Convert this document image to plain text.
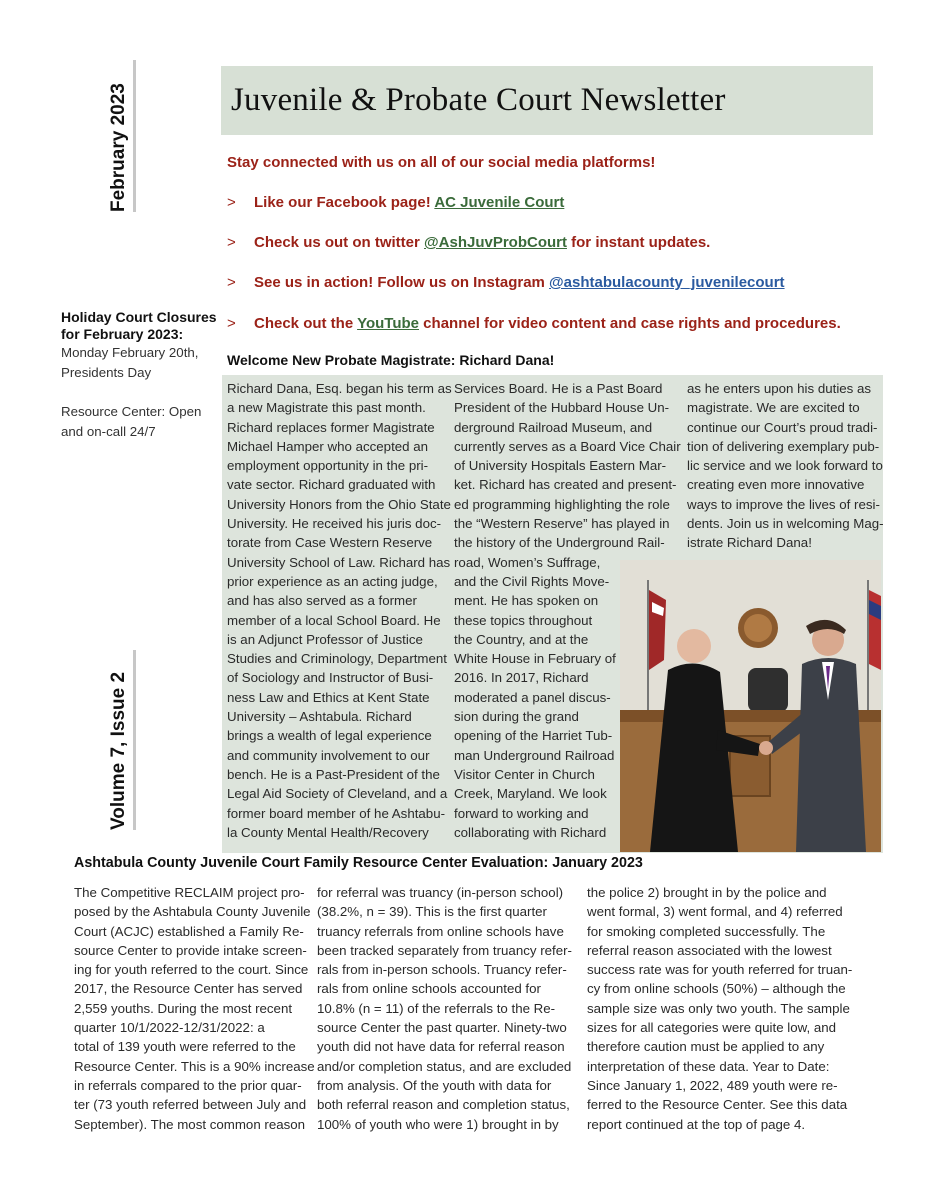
February 2023
Volume 7, Issue 2
Juvenile & Probate Court Newsletter
Stay connected with us on all of our social media platforms!
> Like our Facebook page! AC Juvenile Court
> Check us out on twitter @AshJuvProbCourt for instant updates.
> See us in action! Follow us on Instagram @ashtabulacounty_juvenilecourt
> Check out the YouTube channel for video content and case rights and procedures.
Holiday Court Closures
for February 2023:
Monday February 20th,
Presidents Day
Resource Center: Open
and on-call 24/7
Welcome New Probate Magistrate: Richard Dana!
Richard Dana, Esq. began his term as
a new Magistrate this past month.
Richard replaces former Magistrate
Michael Hamper who accepted an
employment opportunity in the pri-
vate sector. Richard graduated with
University Honors from the Ohio State
University. He received his juris doc-
torate from Case Western Reserve
University School of Law. Richard has
prior experience as an acting judge,
and has also served as a former
member of a local School Board. He
is an Adjunct Professor of Justice
Studies and Criminology, Department
of Sociology and Instructor of Busi-
ness Law and Ethics at Kent State
University – Ashtabula. Richard
brings a wealth of legal experience
and community involvement to our
bench. He is a Past-President of the
Legal Aid Society of Cleveland, and a
former board member of he Ashtabu-
la County Mental Health/Recovery
Services Board. He is a Past Board
President of the Hubbard House Un-
derground Railroad Museum, and
currently serves as a Board Vice Chair
of University Hospitals Eastern Mar-
ket. Richard has created and present-
ed programming highlighting the role
the “Western Reserve” has played in
the history of the Underground Rail-
road, Women’s Suffrage,
and the Civil Rights Move-
ment. He has spoken on
these topics throughout
the Country, and at the
White House in February of
2016. In 2017, Richard
moderated a panel discus-
sion during the grand
opening of the Harriet Tub-
man Underground Railroad
Visitor Center in Church
Creek, Maryland. We look
forward to working and
collaborating with Richard
as he enters upon his duties as
magistrate. We are excited to
continue our Court’s proud tradi-
tion of delivering exemplary pub-
lic service and we look forward to
creating even more innovative
ways to improve the lives of resi-
dents. Join us in welcoming Mag-
istrate Richard Dana!
Ashtabula County Juvenile Court Family Resource Center Evaluation: January 2023
The Competitive RECLAIM project pro-
posed by the Ashtabula County Juvenile
Court (ACJC) established a Family Re-
source Center to provide intake screen-
ing for youth referred to the court. Since
2017, the Resource Center has served
2,559 youths. During the most recent
quarter 10/1/2022-12/31/2022: a
total of 139 youth were referred to the
Resource Center. This is a 90% increase
in referrals compared to the prior quar-
ter (73 youth referred between July and
September). The most common reason
for referral was truancy (in-person school)
(38.2%, n = 39). This is the first quarter
truancy referrals from online schools have
been tracked separately from truancy refer-
rals from in-person schools. Truancy refer-
rals from online schools accounted for
10.8% (n = 11) of the referrals to the Re-
source Center the past quarter. Ninety-two
youth did not have data for referral reason
and/or completion status, and are excluded
from analysis. Of the youth with data for
both referral reason and completion status,
100% of youth who were 1) brought in by
the police 2) brought in by the police and
went formal, 3) went formal, and 4) referred
for smoking completed successfully. The
referral reason associated with the lowest
success rate was for youth referred for truan-
cy from online schools (50%) – although the
sample size was only two youth. The sample
sizes for all categories were quite low, and
therefore caution must be applied to any
interpretation of these data. Year to Date:
Since January 1, 2022, 489 youth were re-
ferred to the Resource Center. See this data
report continued at the top of page 4.
